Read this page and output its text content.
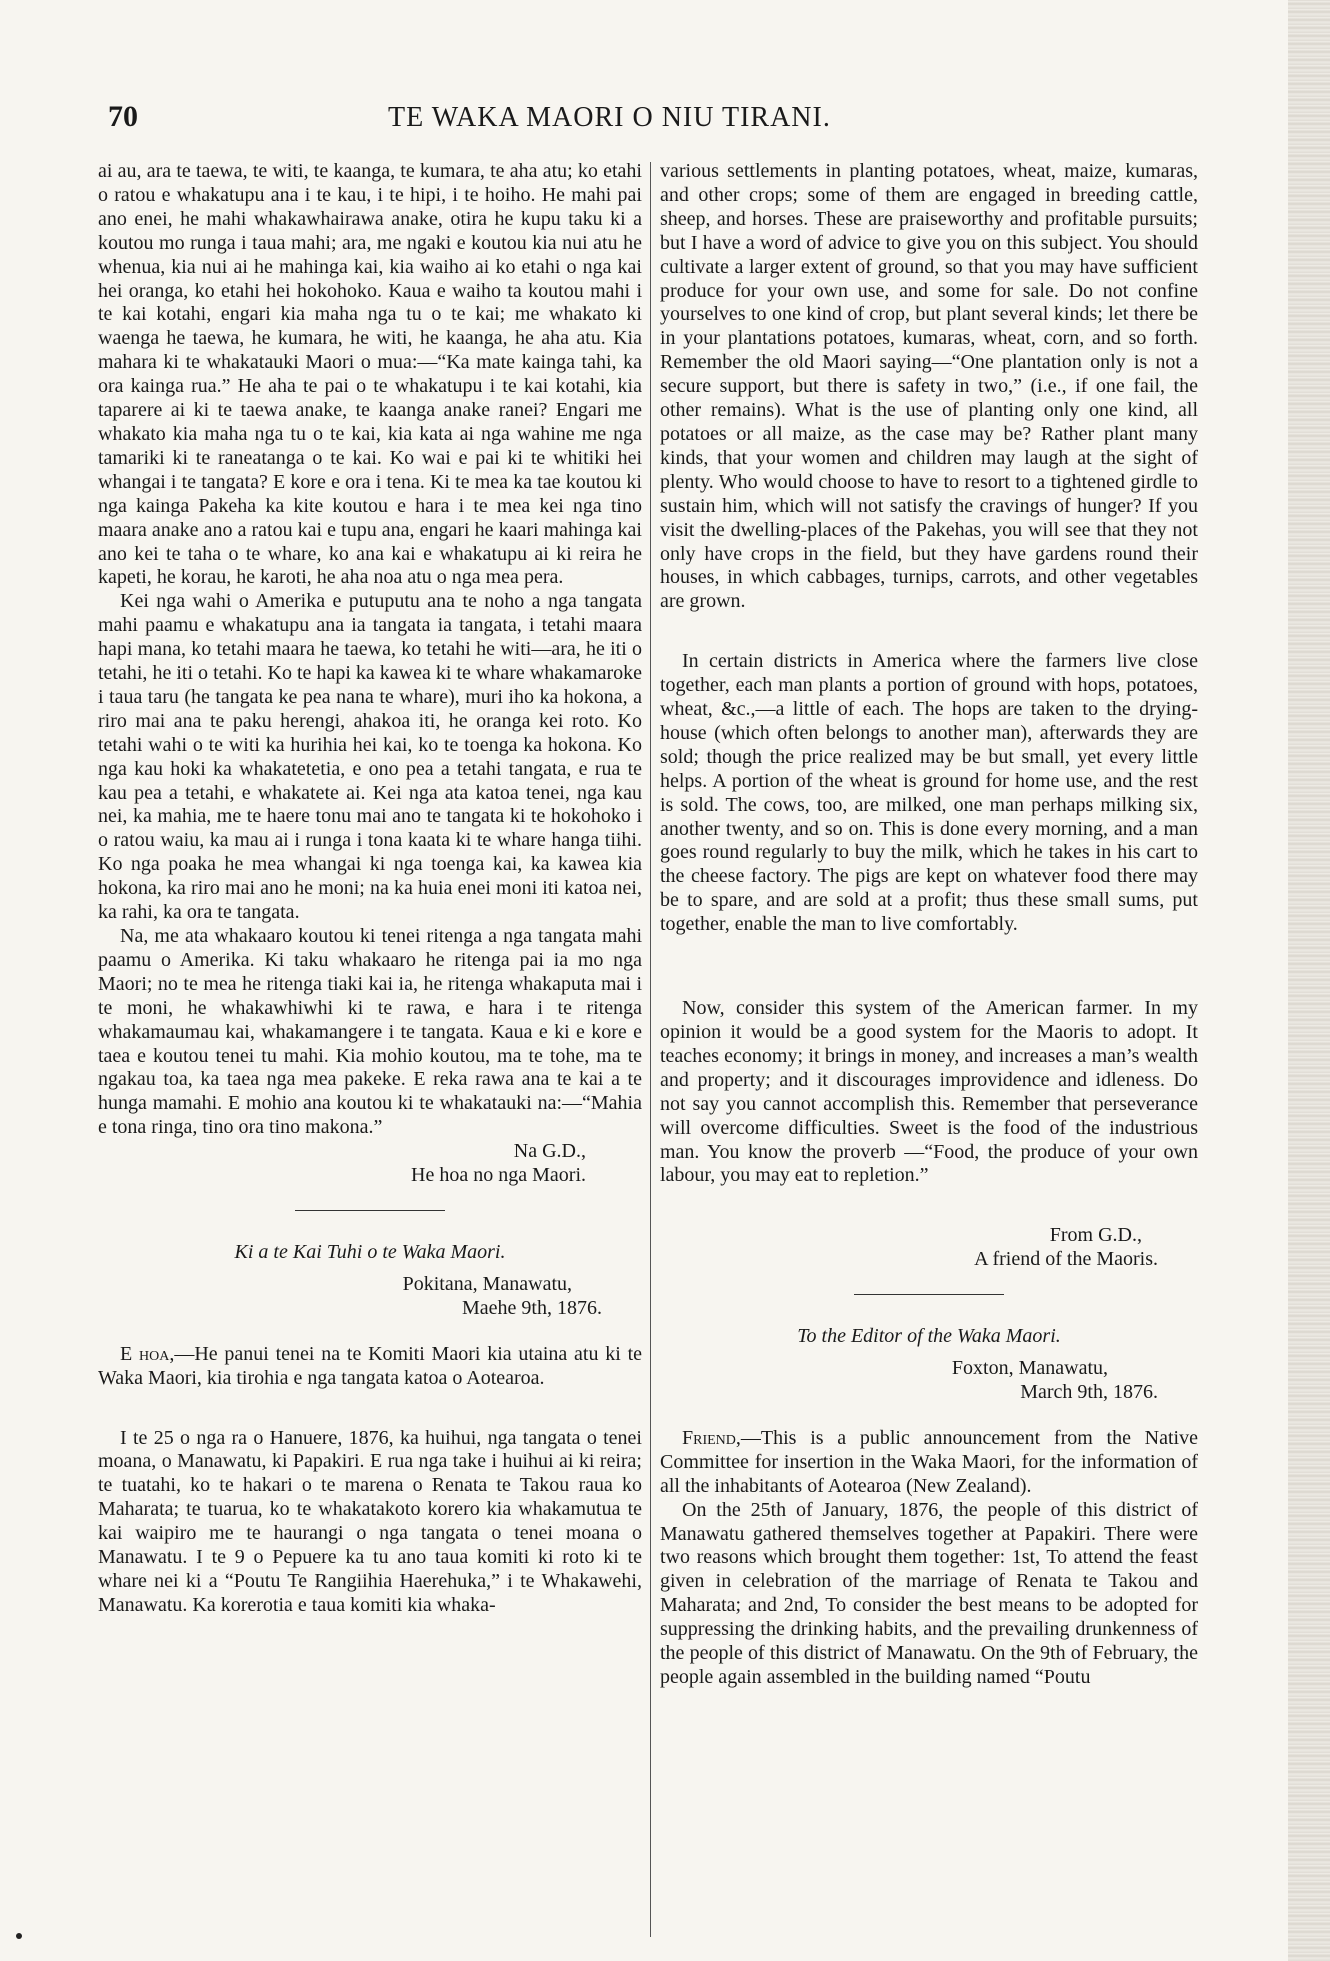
70	TE WAKA MAORI O NIU TIRANI.

ai au, ara te taewa, te witi, te kaanga, te kumara, te aha atu; ko etahi o ratou e whakatupu ana i te kau, i te hipi, i te hoiho. He mahi pai ano enei, he mahi whakawhairawa anake, otira he kupu taku ki a koutou mo runga i taua mahi; ara, me ngaki e koutou kia nui atu he whenua, kia nui ai he mahinga kai, kia waiho ai ko etahi o nga kai hei oranga, ko etahi hei hokohoko. Kaua e waiho ta koutou mahi i te kai kotahi, engari kia maha nga tu o te kai; me whakato ki waenga he taewa, he kumara, he witi, he kaanga, he aha atu. Kia mahara ki te whakatauki Maori o mua:—“Ka mate kainga tahi, ka ora kainga rua.” He aha te pai o te whakatupu i te kai kotahi, kia taparere ai ki te taewa anake, te kaanga anake ranei? Engari me whakato kia maha nga tu o te kai, kia kata ai nga wahine me nga tamariki ki te raneatanga o te kai. Ko wai e pai ki te whitiki hei whangai i te tangata? E kore e ora i tena. Ki te mea ka tae koutou ki nga kainga Pakeha ka kite koutou e hara i te mea kei nga tino maara anake ano a ratou kai e tupu ana, engari he kaari mahinga kai ano kei te taha o te whare, ko ana kai e whakatupu ai ki reira he kapeti, he korau, he karoti, he aha noa atu o nga mea pera.

Kei nga wahi o Amerika e putuputu ana te noho a nga tangata mahi paamu e whakatupu ana ia tangata ia tangata, i tetahi maara hapi mana, ko tetahi maara he taewa, ko tetahi he witi—ara, he iti o tetahi, he iti o tetahi. Ko te hapi ka kawea ki te whare whakamaroke i taua taru (he tangata ke pea nana te whare), muri iho ka hokona, a riro mai ana te paku herengi, ahakoa iti, he oranga kei roto. Ko tetahi wahi o te witi ka hurihia hei kai, ko te toenga ka hokona. Ko nga kau hoki ka whakatetetia, e ono pea a tetahi tangata, e rua te kau pea a tetahi, e whakatete ai. Kei nga ata katoa tenei, nga kau nei, ka mahia, me te haere tonu mai ano te tangata ki te hokohoko i o ratou waiu, ka mau ai i runga i tona kaata ki te whare hanga tiihi. Ko nga poaka he mea whangai ki nga toenga kai, ka kawea kia hokona, ka riro mai ano he moni; na ka huia enei moni iti katoa nei, ka rahi, ka ora te tangata.

Na, me ata whakaaro koutou ki tenei ritenga a nga tangata mahi paamu o Amerika. Ki taku whakaaro he ritenga pai ia mo nga Maori; no te mea he ritenga tiaki kai ia, he ritenga whakaputa mai i te moni, he whakawhiwhi ki te rawa, e hara i te ritenga whakamaumau kai, whakamangere i te tangata. Kaua e ki e kore e taea e koutou tenei tu mahi. Kia mohio koutou, ma te tohe, ma te ngakau toa, ka taea nga mea pakeke. E reka rawa ana te kai a te hunga mamahi. E mohio ana koutou ki te whakatauki na:—“Mahia e tona ringa, tino ora tino makona.”

Na G.D.,

He hoa no nga Maori.

Ki a te Kai Tuhi o te Waka Maori.

Pokitana, Manawatu,

Maehe 9th, 1876.

E hoa,—He panui tenei na te Komiti Maori kia utaina atu ki te Waka Maori, kia tirohia e nga tangata katoa o Aotearoa.

I te 25 o nga ra o Hanuere, 1876, ka huihui, nga tangata o tenei moana, o Manawatu, ki Papakiri. E rua nga take i huihui ai ki reira; te tuatahi, ko te hakari o te marena o Renata te Takou raua ko Maharata; te tuarua, ko te whakatakoto korero kia whakamutua te kai waipiro me te haurangi o nga tangata o tenei moana o Manawatu. I te 9 o Pepuere ka tu ano taua komiti ki roto ki te whare nei ki a “Poutu Te Rangiihia Haerehuka,” i te Whakawehi, Manawatu. Ka korerotia e taua komiti kia whaka-

various settlements in planting potatoes, wheat, maize, kumaras, and other crops; some of them are engaged in breeding cattle, sheep, and horses. These are praiseworthy and profitable pursuits; but I have a word of advice to give you on this subject. You should cultivate a larger extent of ground, so that you may have sufficient produce for your own use, and some for sale. Do not confine yourselves to one kind of crop, but plant several kinds; let there be in your plantations potatoes, kumaras, wheat, corn, and so forth. Remember the old Maori saying—“One plantation only is not a secure support, but there is safety in two,” (i.e., if one fail, the other remains). What is the use of planting only one kind, all potatoes or all maize, as the case may be? Rather plant many kinds, that your women and children may laugh at the sight of plenty. Who would choose to have to resort to a tightened girdle to sustain him, which will not satisfy the cravings of hunger? If you visit the dwelling-places of the Pakehas, you will see that they not only have crops in the field, but they have gardens round their houses, in which cabbages, turnips, carrots, and other vegetables are grown.

In certain districts in America where the farmers live close together, each man plants a portion of ground with hops, potatoes, wheat, &c.,—a little of each. The hops are taken to the drying-house (which often belongs to another man), afterwards they are sold; though the price realized may be but small, yet every little helps. A portion of the wheat is ground for home use, and the rest is sold. The cows, too, are milked, one man perhaps milking six, another twenty, and so on. This is done every morning, and a man goes round regularly to buy the milk, which he takes in his cart to the cheese factory. The pigs are kept on whatever food there may be to spare, and are sold at a profit; thus these small sums, put together, enable the man to live comfortably.

Now, consider this system of the American farmer. In my opinion it would be a good system for the Maoris to adopt. It teaches economy; it brings in money, and increases a man’s wealth and property; and it discourages improvidence and idleness. Do not say you cannot accomplish this. Remember that perseverance will overcome difficulties. Sweet is the food of the industrious man. You know the proverb —“Food, the produce of your own labour, you may eat to repletion.”

From G.D.,

A friend of the Maoris.

To the Editor of the Waka Maori.

Foxton, Manawatu,

March 9th, 1876.

Friend,—This is a public announcement from the Native Committee for insertion in the Waka Maori, for the information of all the inhabitants of Aotearoa (New Zealand).

On the 25th of January, 1876, the people of this district of Manawatu gathered themselves together at Papakiri. There were two reasons which brought them together: 1st, To attend the feast given in celebration of the marriage of Renata te Takou and Maharata; and 2nd, To consider the best means to be adopted for suppressing the drinking habits, and the prevailing drunkenness of the people of this district of Manawatu. On the 9th of February, the people again assembled in the building named “Poutu
